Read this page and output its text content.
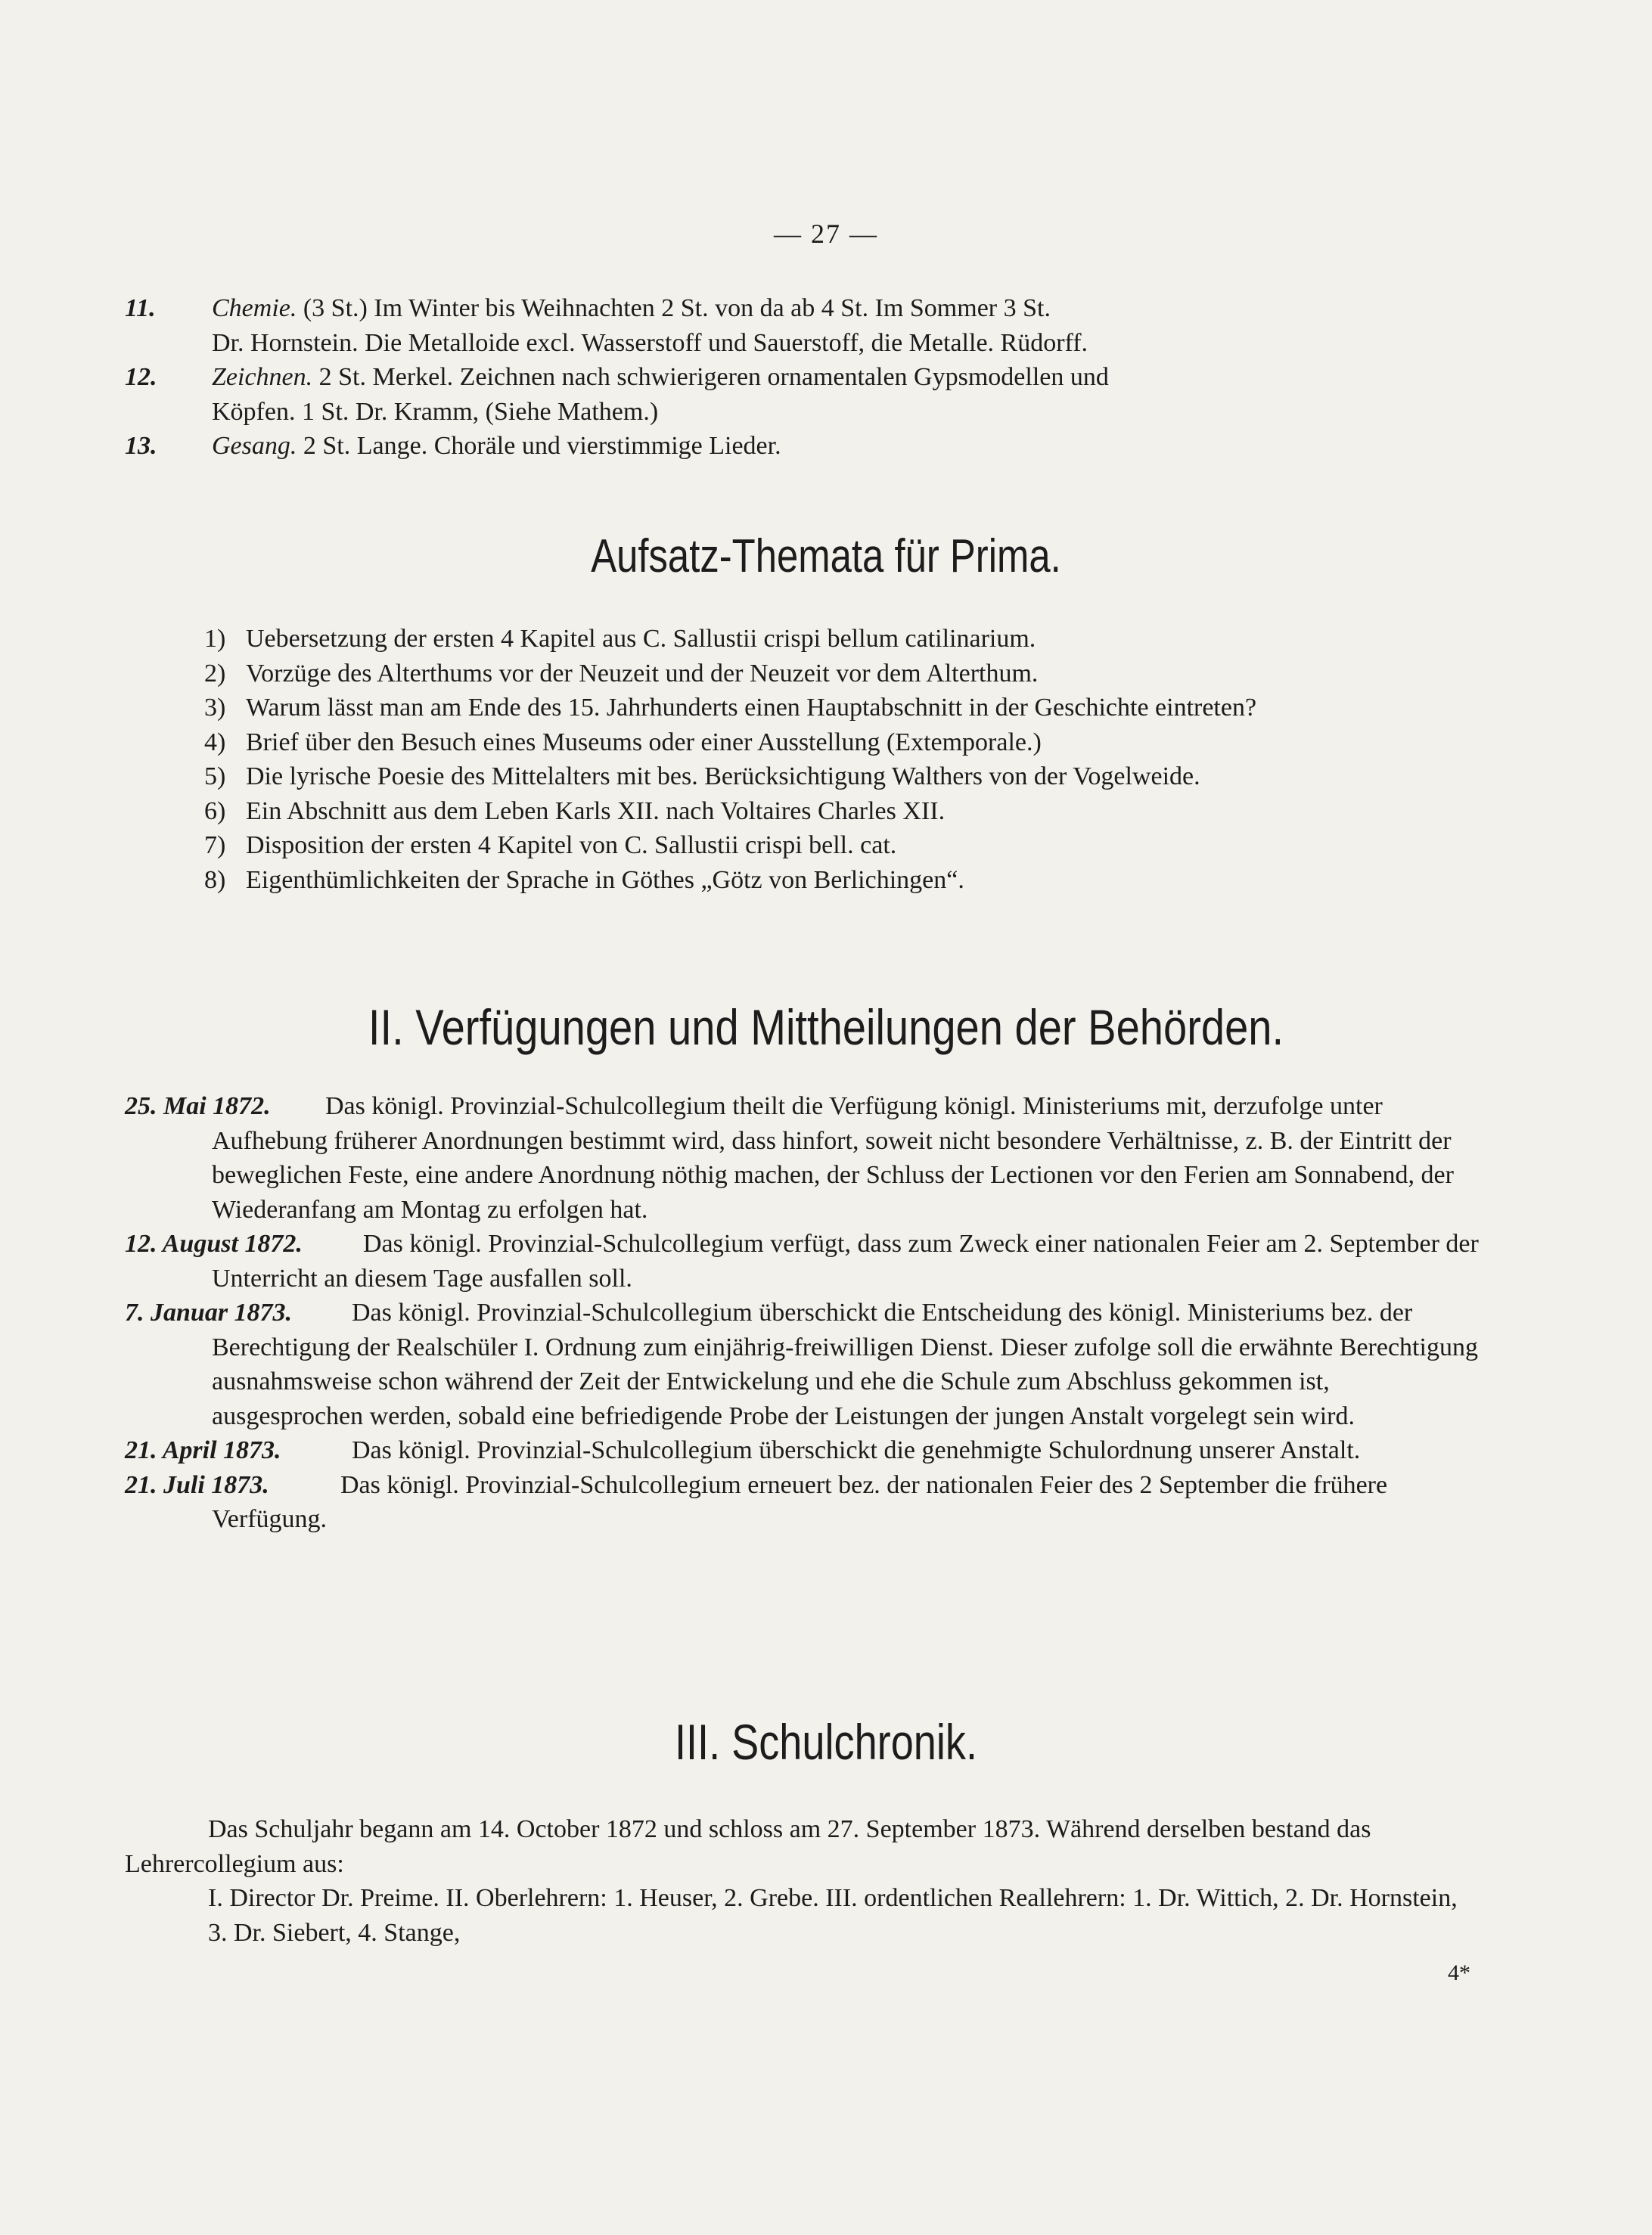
— 27 —
11. Chemie. (3 St.) Im Winter bis Weihnachten 2 St. von da ab 4 St. Im Sommer 3 St.
Dr. Hornstein. Die Metalloide excl. Wasserstoff und Sauerstoff, die Metalle. Rüdorff.
12. Zeichnen. 2 St. Merkel. Zeichnen nach schwierigeren ornamentalen Gypsmodellen und
Köpfen. 1 St. Dr. Kramm, (Siehe Mathem.)
13. Gesang. 2 St. Lange. Choräle und vierstimmige Lieder.
Aufsatz-Themata für Prima.
1) Uebersetzung der ersten 4 Kapitel aus C. Sallustii crispi bellum catilinarium.
2) Vorzüge des Alterthums vor der Neuzeit und der Neuzeit vor dem Alterthum.
3) Warum lässt man am Ende des 15. Jahrhunderts einen Hauptabschnitt in der Geschichte eintreten?
4) Brief über den Besuch eines Museums oder einer Ausstellung (Extemporale.)
5) Die lyrische Poesie des Mittelalters mit bes. Berücksichtigung Walthers von der Vogelweide.
6) Ein Abschnitt aus dem Leben Karls XII. nach Voltaires Charles XII.
7) Disposition der ersten 4 Kapitel von C. Sallustii crispi bell. cat.
8) Eigenthümlichkeiten der Sprache in Göthes „Götz von Berlichingen“.
II. Verfügungen und Mittheilungen der Behörden.
25. Mai 1872. Das königl. Provinzial-Schulcollegium theilt die Verfügung königl. Ministeriums mit, derzufolge unter Aufhebung früherer Anordnungen bestimmt wird, dass hinfort, soweit nicht besondere Verhältnisse, z. B. der Eintritt der beweglichen Feste, eine andere Anordnung nöthig machen, der Schluss der Lectionen vor den Ferien am Sonnabend, der Wiederanfang am Montag zu erfolgen hat.
12. August 1872. Das königl. Provinzial-Schulcollegium verfügt, dass zum Zweck einer nationalen Feier am 2. September der Unterricht an diesem Tage ausfallen soll.
7. Januar 1873. Das königl. Provinzial-Schulcollegium überschickt die Entscheidung des königl. Ministeriums bez. der Berechtigung der Realschüler I. Ordnung zum einjährig-freiwilligen Dienst. Dieser zufolge soll die erwähnte Berechtigung ausnahmsweise schon während der Zeit der Entwickelung und ehe die Schule zum Abschluss gekommen ist, ausgesprochen werden, sobald eine befriedigende Probe der Leistungen der jungen Anstalt vorgelegt sein wird.
21. April 1873.	Das königl. Provinzial-Schulcollegium überschickt die genehmigte Schulordnung unserer Anstalt.
21. Juli 1873.	Das königl. Provinzial-Schulcollegium erneuert bez. der nationalen Feier des 2 September die frühere Verfügung.
III. Schulchronik.
Das Schuljahr begann am 14. October 1872 und schloss am 27. September 1873. Während derselben bestand das Lehrercollegium aus:
I. Director Dr. Preime. II. Oberlehrern: 1. Heuser, 2. Grebe. III. ordentlichen Reallehrern: 1. Dr. Wittich, 2. Dr. Hornstein, 3. Dr. Siebert, 4. Stange,
4*
